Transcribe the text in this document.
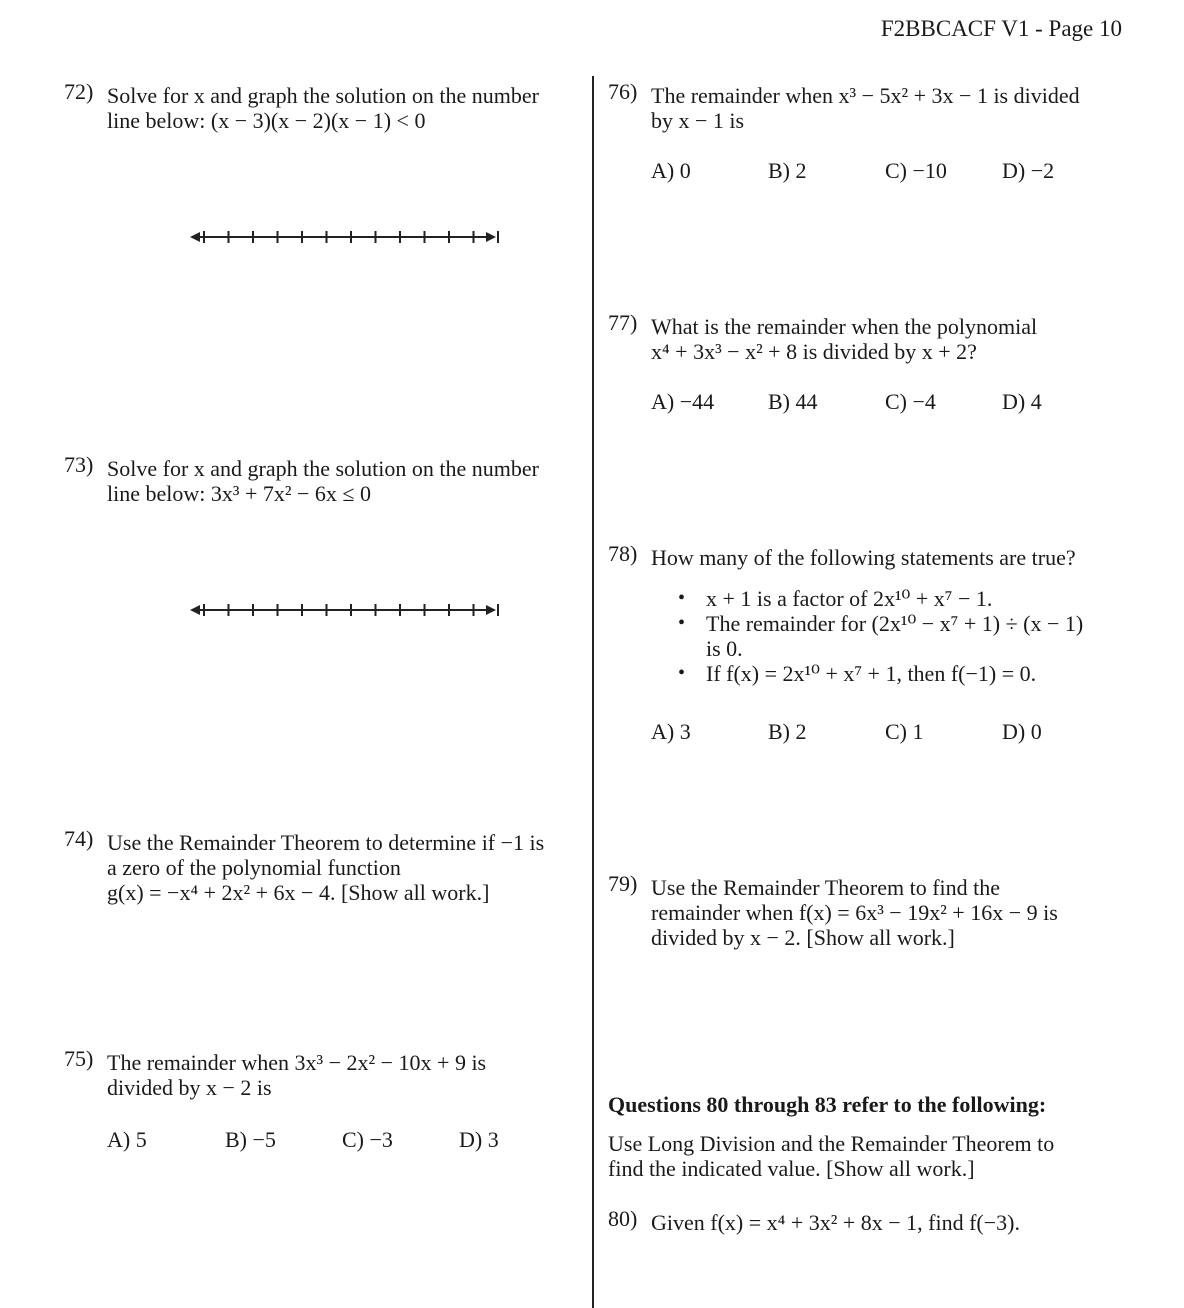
F2BBCACF V1 - Page 10
72) Solve for x and graph the solution on the number
line below: (x − 3)(x − 2)(x − 1) < 0
73) Solve for x and graph the solution on the number
line below: 3x³ + 7x² − 6x ≤ 0
74) Use the Remainder Theorem to determine if −1 is
a zero of the polynomial function
g(x) = −x⁴ + 2x² + 6x − 4. [Show all work.]
75) The remainder when 3x³ − 2x² − 10x + 9 is
divided by x − 2 is
A) 5	B) −5	C) −3	D) 3
76) The remainder when x³ − 5x² + 3x − 1 is divided
by x − 1 is
A) 0	B) 2	C) −10	D) −2
77) What is the remainder when the polynomial
x⁴ + 3x³ − x² + 8 is divided by x + 2?
A) −44 B) 44	C) −4	D) 4
78) How many of the following statements are true?
• x + 1 is a factor of 2x¹⁰ + x⁷ − 1.
• The remainder for (2x¹⁰ − x⁷ + 1) ÷ (x − 1)
is 0.
• If f(x) = 2x¹⁰ + x⁷ + 1, then f(−1) = 0.
A) 3	B) 2	C) 1	D) 0
79) Use the Remainder Theorem to find the
remainder when f(x) = 6x³ − 19x² + 16x − 9 is
divided by x − 2. [Show all work.]
Questions 80 through 83 refer to the following:
Use Long Division and the Remainder Theorem to
find the indicated value. [Show all work.]
80) Given f(x) = x⁴ + 3x² + 8x − 1, find f(−3).
